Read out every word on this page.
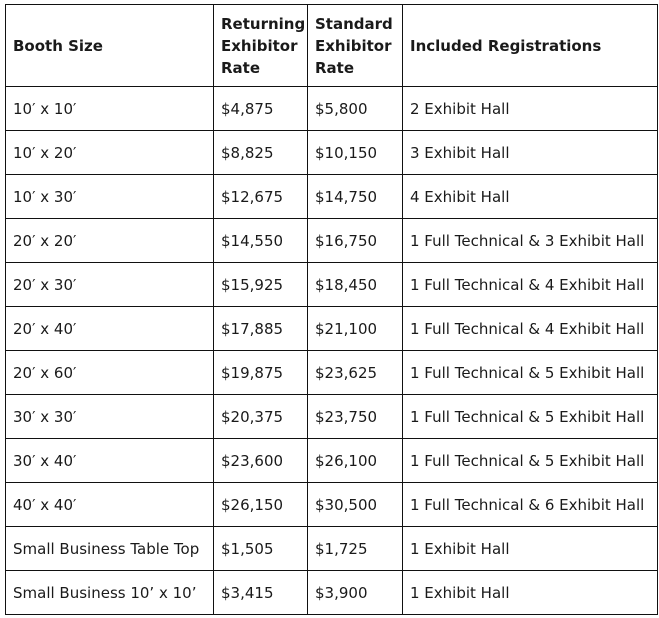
Booth Size	Returning Exhibitor Rate	Standard Exhibitor Rate	Included Registrations
10′ x 10′	$4,875	$5,800	2 Exhibit Hall
10′ x 20′	$8,825	$10,150	3 Exhibit Hall
10′ x 30′	$12,675	$14,750	4 Exhibit Hall
20′ x 20′	$14,550	$16,750	1 Full Technical & 3 Exhibit Hall
20′ x 30′	$15,925	$18,450	1 Full Technical & 4 Exhibit Hall
20′ x 40′	$17,885	$21,100	1 Full Technical & 4 Exhibit Hall
20′ x 60′	$19,875	$23,625	1 Full Technical & 5 Exhibit Hall
30′ x 30′	$20,375	$23,750	1 Full Technical & 5 Exhibit Hall
30′ x 40′	$23,600	$26,100	1 Full Technical & 5 Exhibit Hall
40′ x 40′	$26,150	$30,500	1 Full Technical & 6 Exhibit Hall
Small Business Table Top	$1,505	$1,725	1 Exhibit Hall
Small Business 10’ x 10’	$3,415	$3,900	1 Exhibit Hall
